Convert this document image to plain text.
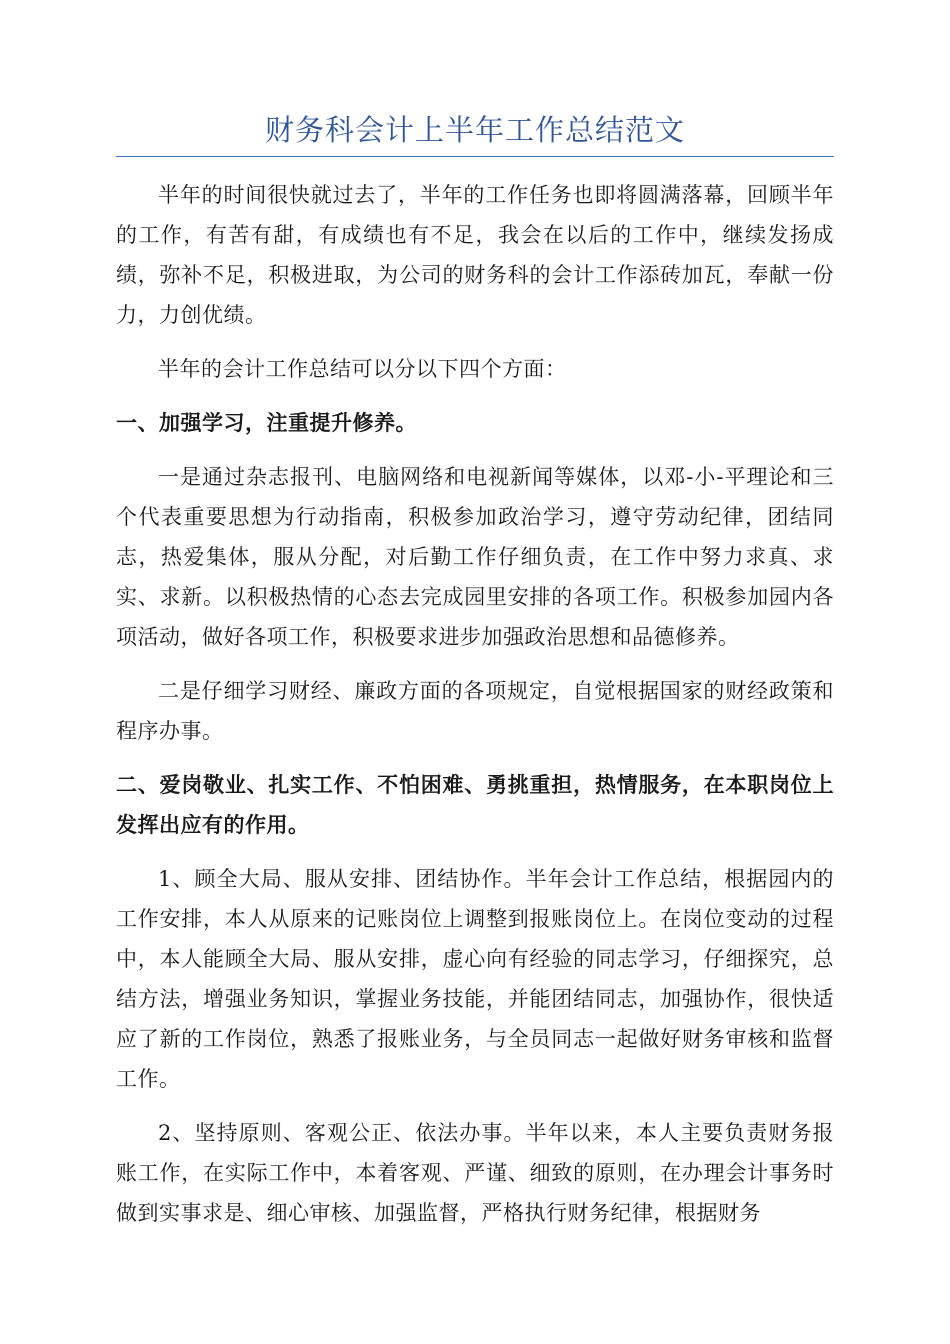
财务科会计上半年工作总结范文

半年的时间很快就过去了，半年的工作任务也即将圆满落幕，回顾半年的工作，有苦有甜，有成绩也有不足，我会在以后的工作中，继续发扬成绩，弥补不足，积极进取，为公司的财务科的会计工作添砖加瓦，奉献一份力，力创优绩。

半年的会计工作总结可以分以下四个方面：

一、加强学习，注重提升修养。

一是通过杂志报刊、电脑网络和电视新闻等媒体，以邓-小-平理论和三个代表重要思想为行动指南，积极参加政治学习，遵守劳动纪律，团结同志，热爱集体，服从分配，对后勤工作仔细负责，在工作中努力求真、求实、求新。以积极热情的心态去完成园里安排的各项工作。积极参加园内各项活动，做好各项工作，积极要求进步加强政治思想和品德修养。

二是仔细学习财经、廉政方面的各项规定，自觉根据国家的财经政策和程序办事。

二、爱岗敬业、扎实工作、不怕困难、勇挑重担，热情服务，在本职岗位上发挥出应有的作用。

1、顾全大局、服从安排、团结协作。半年会计工作总结，根据园内的工作安排，本人从原来的记账岗位上调整到报账岗位上。在岗位变动的过程中，本人能顾全大局、服从安排，虚心向有经验的同志学习，仔细探究，总结方法，增强业务知识，掌握业务技能，并能团结同志，加强协作，很快适应了新的工作岗位，熟悉了报账业务，与全员同志一起做好财务审核和监督工作。

2、坚持原则、客观公正、依法办事。半年以来，本人主要负责财务报账工作，在实际工作中，本着客观、严谨、细致的原则，在办理会计事务时做到实事求是、细心审核、加强监督，严格执行财务纪律，根据财务
